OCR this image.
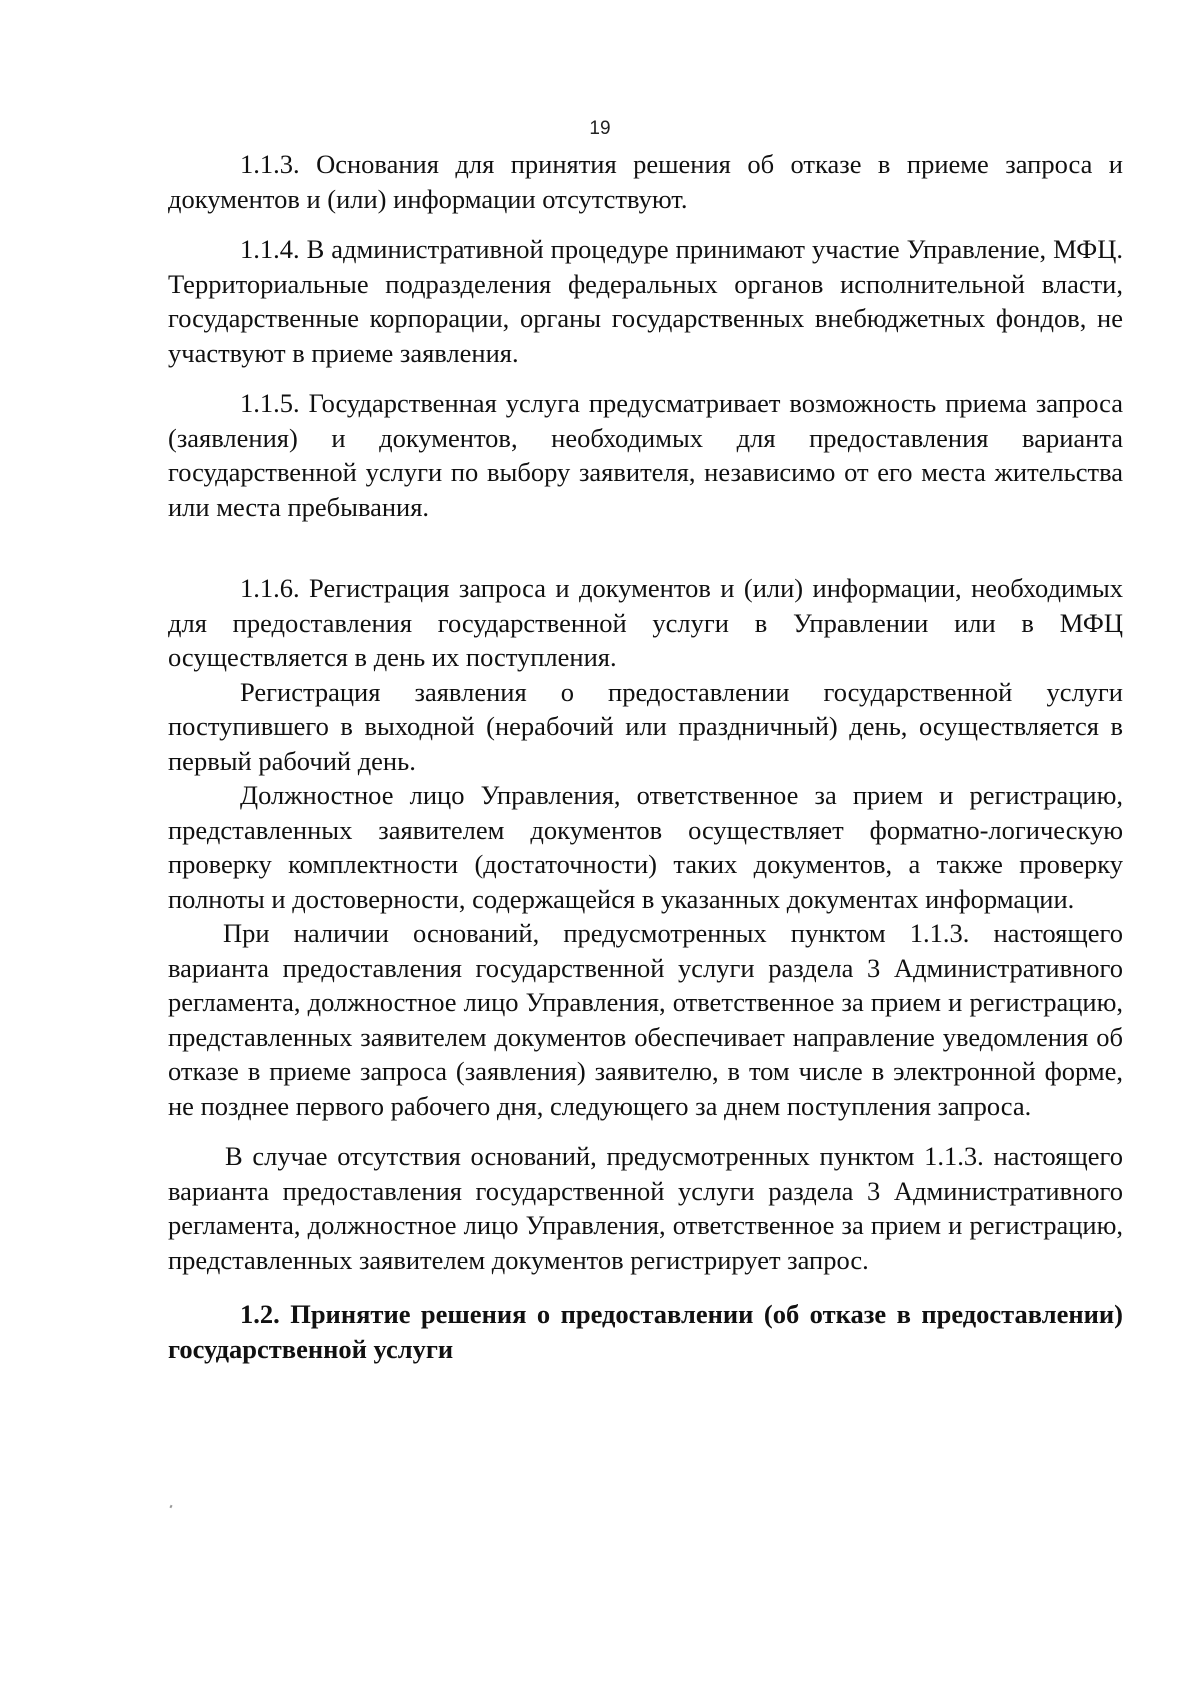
19

1.1.3. Основания для принятия решения об отказе в приеме запроса и документов и (или) информации отсутствуют.

1.1.4. В административной процедуре принимают участие Управление, МФЦ. Территориальные подразделения федеральных органов исполнительной власти, государственные корпорации, органы государственных внебюджетных фондов, не участвуют в приеме заявления.

1.1.5. Государственная услуга предусматривает возможность приема запроса (заявления) и документов, необходимых для предоставления варианта государственной услуги по выбору заявителя, независимо от его места жительства или места пребывания.

1.1.6. Регистрация запроса и документов и (или) информации, необходимых для предоставления государственной услуги в Управлении или в МФЦ осуществляется в день их поступления.

Регистрация заявления о предоставлении государственной услуги поступившего в выходной (нерабочий или праздничный) день, осуществляется в первый рабочий день.

Должностное лицо Управления, ответственное за прием и регистрацию, представленных заявителем документов осуществляет форматно-логическую проверку комплектности (достаточности) таких документов, а также проверку полноты и достоверности, содержащейся в указанных документах информации.

При наличии оснований, предусмотренных пунктом 1.1.3. настоящего варианта предоставления государственной услуги раздела 3 Административного регламента, должностное лицо Управления, ответственное за прием и регистрацию, представленных заявителем документов обеспечивает направление уведомления об отказе в приеме запроса (заявления) заявителю, в том числе в электронной форме, не позднее первого рабочего дня, следующего за днем поступления запроса.

В случае отсутствия оснований, предусмотренных пунктом 1.1.3. настоящего варианта предоставления государственной услуги раздела 3 Административного регламента, должностное лицо Управления, ответственное за прием и регистрацию, представленных заявителем документов регистрирует запрос.

1.2. Принятие решения о предоставлении (об отказе в предоставлении) государственной услуги
